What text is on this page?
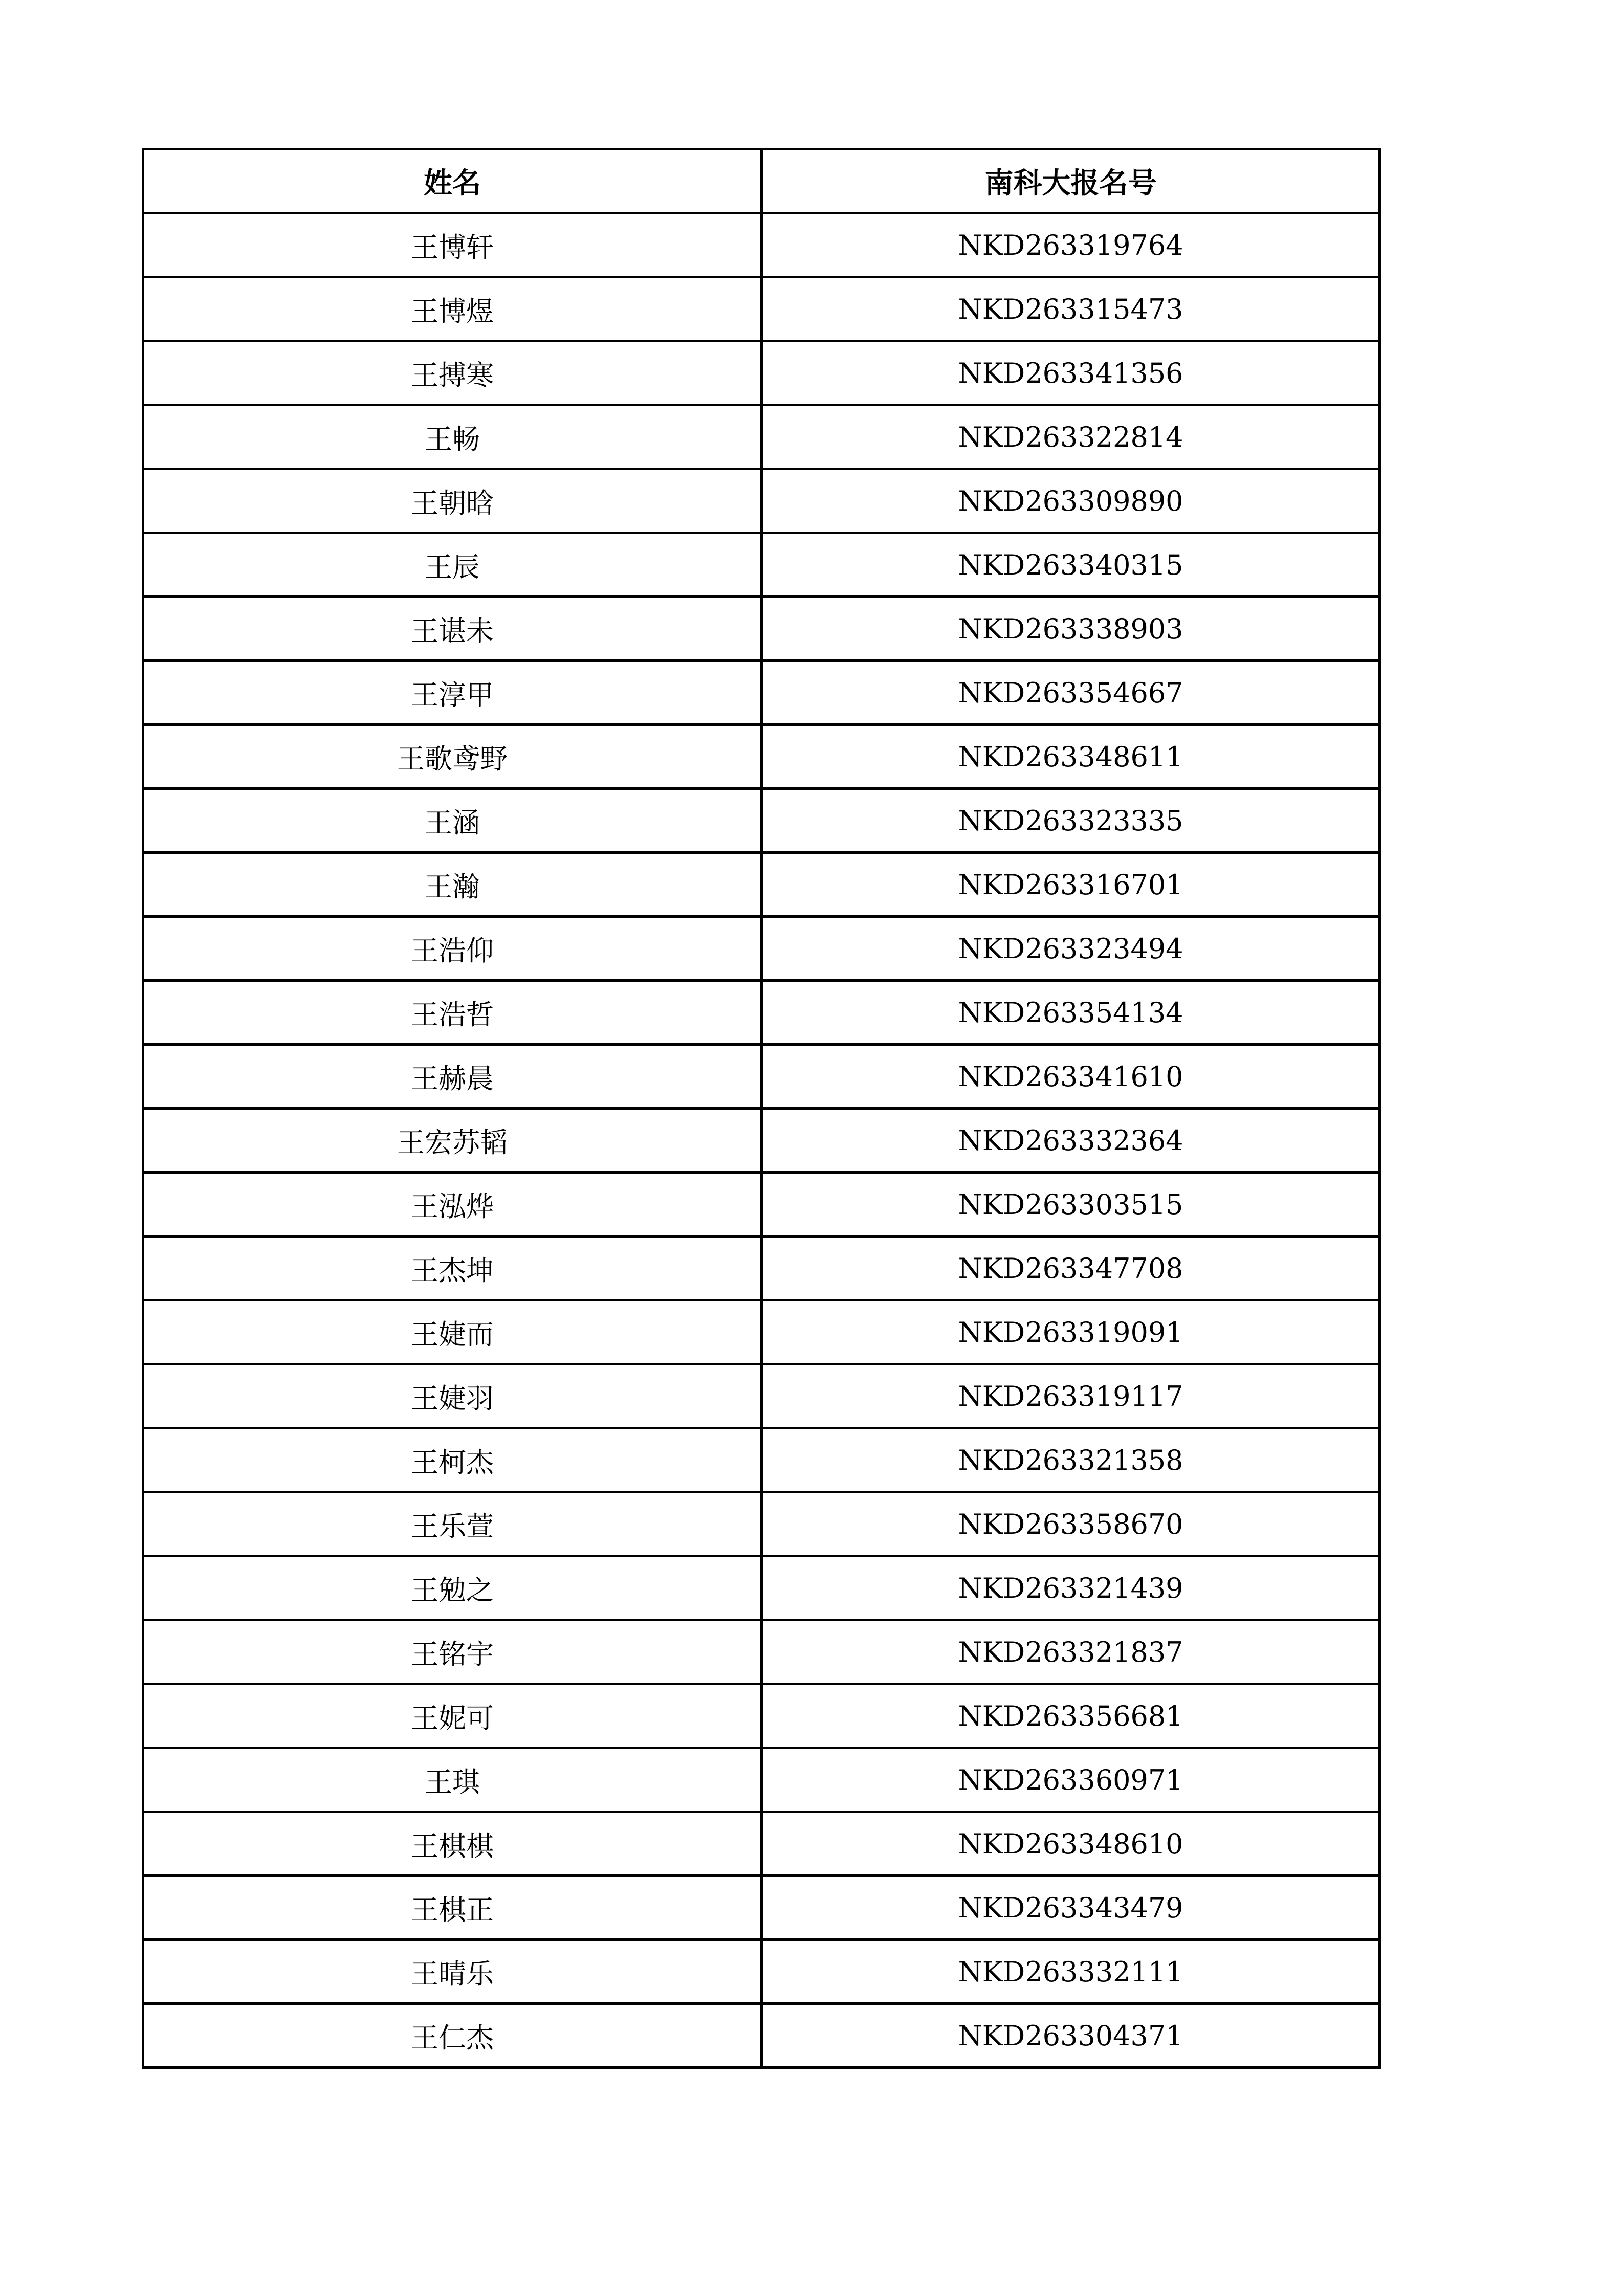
姓名	南科大报名号
王博轩	NKD263319764
王博煜	NKD263315473
王搏寒	NKD263341356
王畅	NKD263322814
王朝晗	NKD263309890
王辰	NKD263340315
王谌未	NKD263338903
王淳甲	NKD263354667
王歌鸢野	NKD263348611
王涵	NKD263323335
王瀚	NKD263316701
王浩仰	NKD263323494
王浩哲	NKD263354134
王赫晨	NKD263341610
王宏苏韬	NKD263332364
王泓烨	NKD263303515
王杰坤	NKD263347708
王婕而	NKD263319091
王婕羽	NKD263319117
王柯杰	NKD263321358
王乐萱	NKD263358670
王勉之	NKD263321439
王铭宇	NKD263321837
王妮可	NKD263356681
王琪	NKD263360971
王棋棋	NKD263348610
王棋正	NKD263343479
王晴乐	NKD263332111
王仁杰	NKD263304371
